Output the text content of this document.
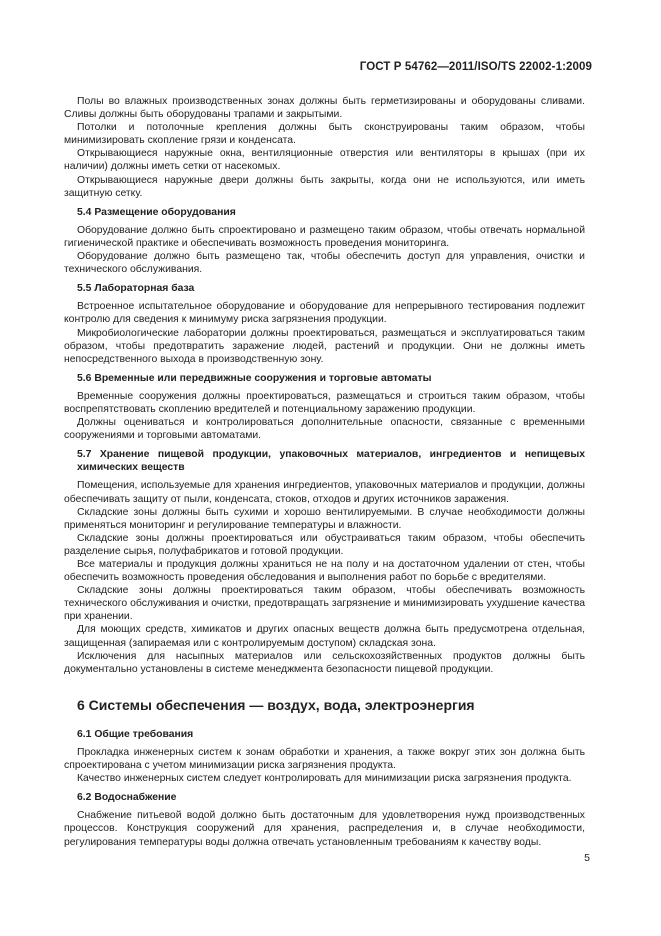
ГОСТ Р 54762—2011/ISO/TS 22002-1:2009

Полы во влажных производственных зонах должны быть герметизированы и оборудованы сливами. Сливы должны быть оборудованы трапами и закрытыми.

Потолки и потолочные крепления должны быть сконструированы таким образом, чтобы минимизировать скопление грязи и конденсата.

Открывающиеся наружные окна, вентиляционные отверстия или вентиляторы в крышах (при их наличии) должны иметь сетки от насекомых.

Открывающиеся наружные двери должны быть закрыты, когда они не используются, или иметь защитную сетку.

5.4 Размещение оборудования

Оборудование должно быть спроектировано и размещено таким образом, чтобы отвечать нормальной гигиенической практике и обеспечивать возможность проведения мониторинга.

Оборудование должно быть размещено так, чтобы обеспечить доступ для управления, очистки и технического обслуживания.

5.5 Лабораторная база

Встроенное испытательное оборудование и оборудование для непрерывного тестирования подлежит контролю для сведения к минимуму риска загрязнения продукции.

Микробиологические лаборатории должны проектироваться, размещаться и эксплуатироваться таким образом, чтобы предотвратить заражение людей, растений и продукции. Они не должны иметь непосредственного выхода в производственную зону.

5.6 Временные или передвижные сооружения и торговые автоматы

Временные сооружения должны проектироваться, размещаться и строиться таким образом, чтобы воспрепятствовать скоплению вредителей и потенциальному заражению продукции.

Должны оцениваться и контролироваться дополнительные опасности, связанные с временными сооружениями и торговыми автоматами.

5.7 Хранение пищевой продукции, упаковочных материалов, ингредиентов и непищевых химических веществ

Помещения, используемые для хранения ингредиентов, упаковочных материалов и продукции, должны обеспечивать защиту от пыли, конденсата, стоков, отходов и других источников заражения.

Складские зоны должны быть сухими и хорошо вентилируемыми. В случае необходимости должны применяться мониторинг и регулирование температуры и влажности.

Складские зоны должны проектироваться или обустраиваться таким образом, чтобы обеспечить разделение сырья, полуфабрикатов и готовой продукции.

Все материалы и продукция должны храниться не на полу и на достаточном удалении от стен, чтобы обеспечить возможность проведения обследования и выполнения работ по борьбе с вредителями.

Складские зоны должны проектироваться таким образом, чтобы обеспечивать возможность технического обслуживания и очистки, предотвращать загрязнение и минимизировать ухудшение качества при хранении.

Для моющих средств, химикатов и других опасных веществ должна быть предусмотрена отдельная, защищенная (запираемая или с контролируемым доступом) складская зона.

Исключения для насыпных материалов или сельскохозяйственных продуктов должны быть документально установлены в системе менеджмента безопасности пищевой продукции.

6 Системы обеспечения — воздух, вода, электроэнергия
6.1 Общие требования

Прокладка инженерных систем к зонам обработки и хранения, а также вокруг этих зон должна быть спроектирована с учетом минимизации риска загрязнения продукта.

Качество инженерных систем следует контролировать для минимизации риска загрязнения продукта.

6.2 Водоснабжение

Снабжение питьевой водой должно быть достаточным для удовлетворения нужд производственных процессов. Конструкция сооружений для хранения, распределения и, в случае необходимости, регулирования температуры воды должна отвечать установленным требованиям к качеству воды.

5
